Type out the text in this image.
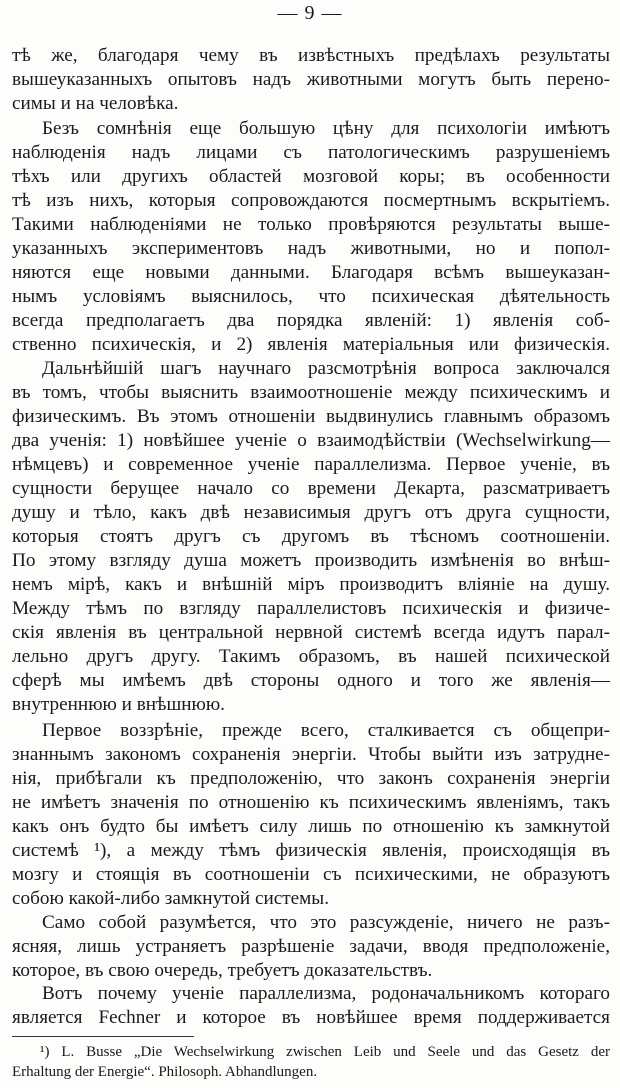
— 9 —
тѣ же, благодаря чему въ извѣстныхъ предѣлахъ результаты
вышеуказанныхъ опытовъ надъ животными могутъ быть перено-
симы и на человѣка.
Безъ сомнѣнія еще большую цѣну для психологіи имѣютъ
наблюденія надъ лицами съ патологическимъ разрушеніемъ
тѣхъ или другихъ областей мозговой коры; въ особенности
тѣ изъ нихъ, которыя сопровождаются посмертнымъ вскрытіемъ.
Такими наблюденіями не только провѣряются результаты выше-
указанныхъ экспериментовъ надъ животными, но и попол-
няются еще новыми данными. Благодаря всѣмъ вышеуказан-
нымъ условіямъ выяснилось, что психическая дѣятельность
всегда предполагаетъ два порядка явленій: 1) явленія соб-
ственно психическія, и 2) явленія матеріальныя или физическія.
Дальнѣйшій шагъ научнаго разсмотрѣнія вопроса заключался
въ томъ, чтобы выяснить взаимоотношеніе между психическимъ и
физическимъ. Въ этомъ отношеніи выдвинулись главнымъ образомъ
два ученія: 1) новѣйшее ученіе о взаимодѣйствіи (Wechselwirkung—
нѣмцевъ) и современное ученіе параллелизма. Первое ученіе, въ
сущности берущее начало со времени Декарта, разсматриваетъ
душу и тѣло, какъ двѣ независимыя другъ отъ друга сущности,
которыя стоятъ другъ съ другомъ въ тѣсномъ соотношеніи.
По этому взгляду душа можетъ производить измѣненія во внѣш-
немъ мірѣ, какъ и внѣшній міръ производитъ вліяніе на душу.
Между тѣмъ по взгляду параллелистовъ психическія и физиче-
скія явленія въ центральной нервной системѣ всегда идутъ парал-
лельно другъ другу. Такимъ образомъ, въ нашей психической
сферѣ мы имѣемъ двѣ стороны одного и того же явленія—
внутреннюю и внѣшнюю.
Первое воззрѣніе, прежде всего, сталкивается съ общепри-
знаннымъ закономъ сохраненія энергіи. Чтобы выйти изъ затрудне-
нія, прибѣгали къ предположенію, что законъ сохраненія энергіи
не имѣетъ значенія по отношенію къ психическимъ явленіямъ, такъ
какъ онъ будто бы имѣетъ силу лишь по отношенію къ замкнутой
системѣ ¹), а между тѣмъ физическія явленія, происходящія въ
мозгу и стоящія въ соотношеніи съ психическими, не образуютъ
собою какой-либо замкнутой системы.
Само собой разумѣется, что это разсужденіе, ничего не разъ-
ясняя, лишь устраняетъ разрѣшеніе задачи, вводя предположеніе,
которое, въ свою очередь, требуетъ доказательствъ.
Вотъ почему ученіе параллелизма, родоначальникомъ котораго
является Fechner и которое въ новѣйшее время поддерживается
¹) L. Busse „Die Wechselwirkung zwischen Leib und Seele und das Gesetz der
Erhaltung der Energie“. Philosoph. Abhandlungen.
